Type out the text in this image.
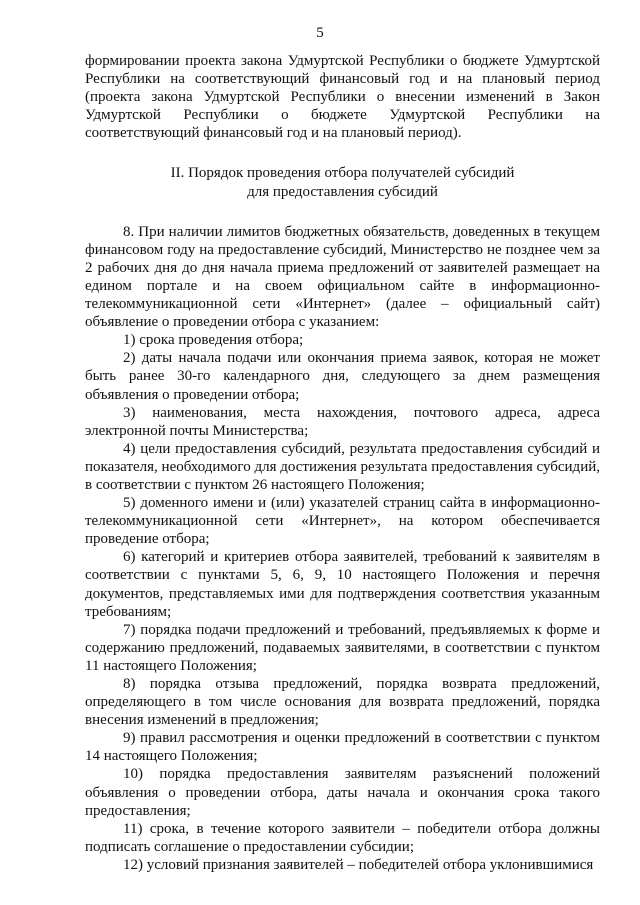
5

формировании проекта закона Удмуртской Республики о бюджете Удмуртской Республики на соответствующий финансовый год и на плановый период (проекта закона Удмуртской Республики о внесении изменений в Закон Удмуртской Республики о бюджете Удмуртской Республики на соответствующий финансовый год и на плановый период).

II. Порядок проведения отбора получателей субсидий
для предоставления субсидий

8. При наличии лимитов бюджетных обязательств, доведенных в текущем финансовом году на предоставление субсидий, Министерство не позднее чем за 2 рабочих дня до дня начала приема предложений от заявителей размещает на едином портале и на своем официальном сайте в информационно-телекоммуникационной сети «Интернет» (далее – официальный сайт) объявление о проведении отбора с указанием:

1) срока проведения отбора;

2) даты начала подачи или окончания приема заявок, которая не может быть ранее 30-го календарного дня, следующего за днем размещения объявления о проведении отбора;

3) наименования, места нахождения, почтового адреса, адреса электронной почты Министерства;

4) цели предоставления субсидий, результата предоставления субсидий и показателя, необходимого для достижения результата предоставления субсидий, в соответствии с пунктом 26 настоящего Положения;

5) доменного имени и (или) указателей страниц сайта в информационно-телекоммуникационной сети «Интернет», на котором обеспечивается проведение отбора;

6) категорий и критериев отбора заявителей, требований к заявителям в соответствии с пунктами 5, 6, 9, 10 настоящего Положения и перечня документов, представляемых ими для подтверждения соответствия указанным требованиям;

7) порядка подачи предложений и требований, предъявляемых к форме и содержанию предложений, подаваемых заявителями, в соответствии с пунктом 11 настоящего Положения;

8) порядка отзыва предложений, порядка возврата предложений, определяющего в том числе основания для возврата предложений, порядка внесения изменений в предложения;

9) правил рассмотрения и оценки предложений в соответствии с пунктом 14 настоящего Положения;

10) порядка предоставления заявителям разъяснений положений объявления о проведении отбора, даты начала и окончания срока такого предоставления;

11) срока, в течение которого заявители – победители отбора должны подписать соглашение о предоставлении субсидии;

12) условий признания заявителей – победителей отбора уклонившимися
